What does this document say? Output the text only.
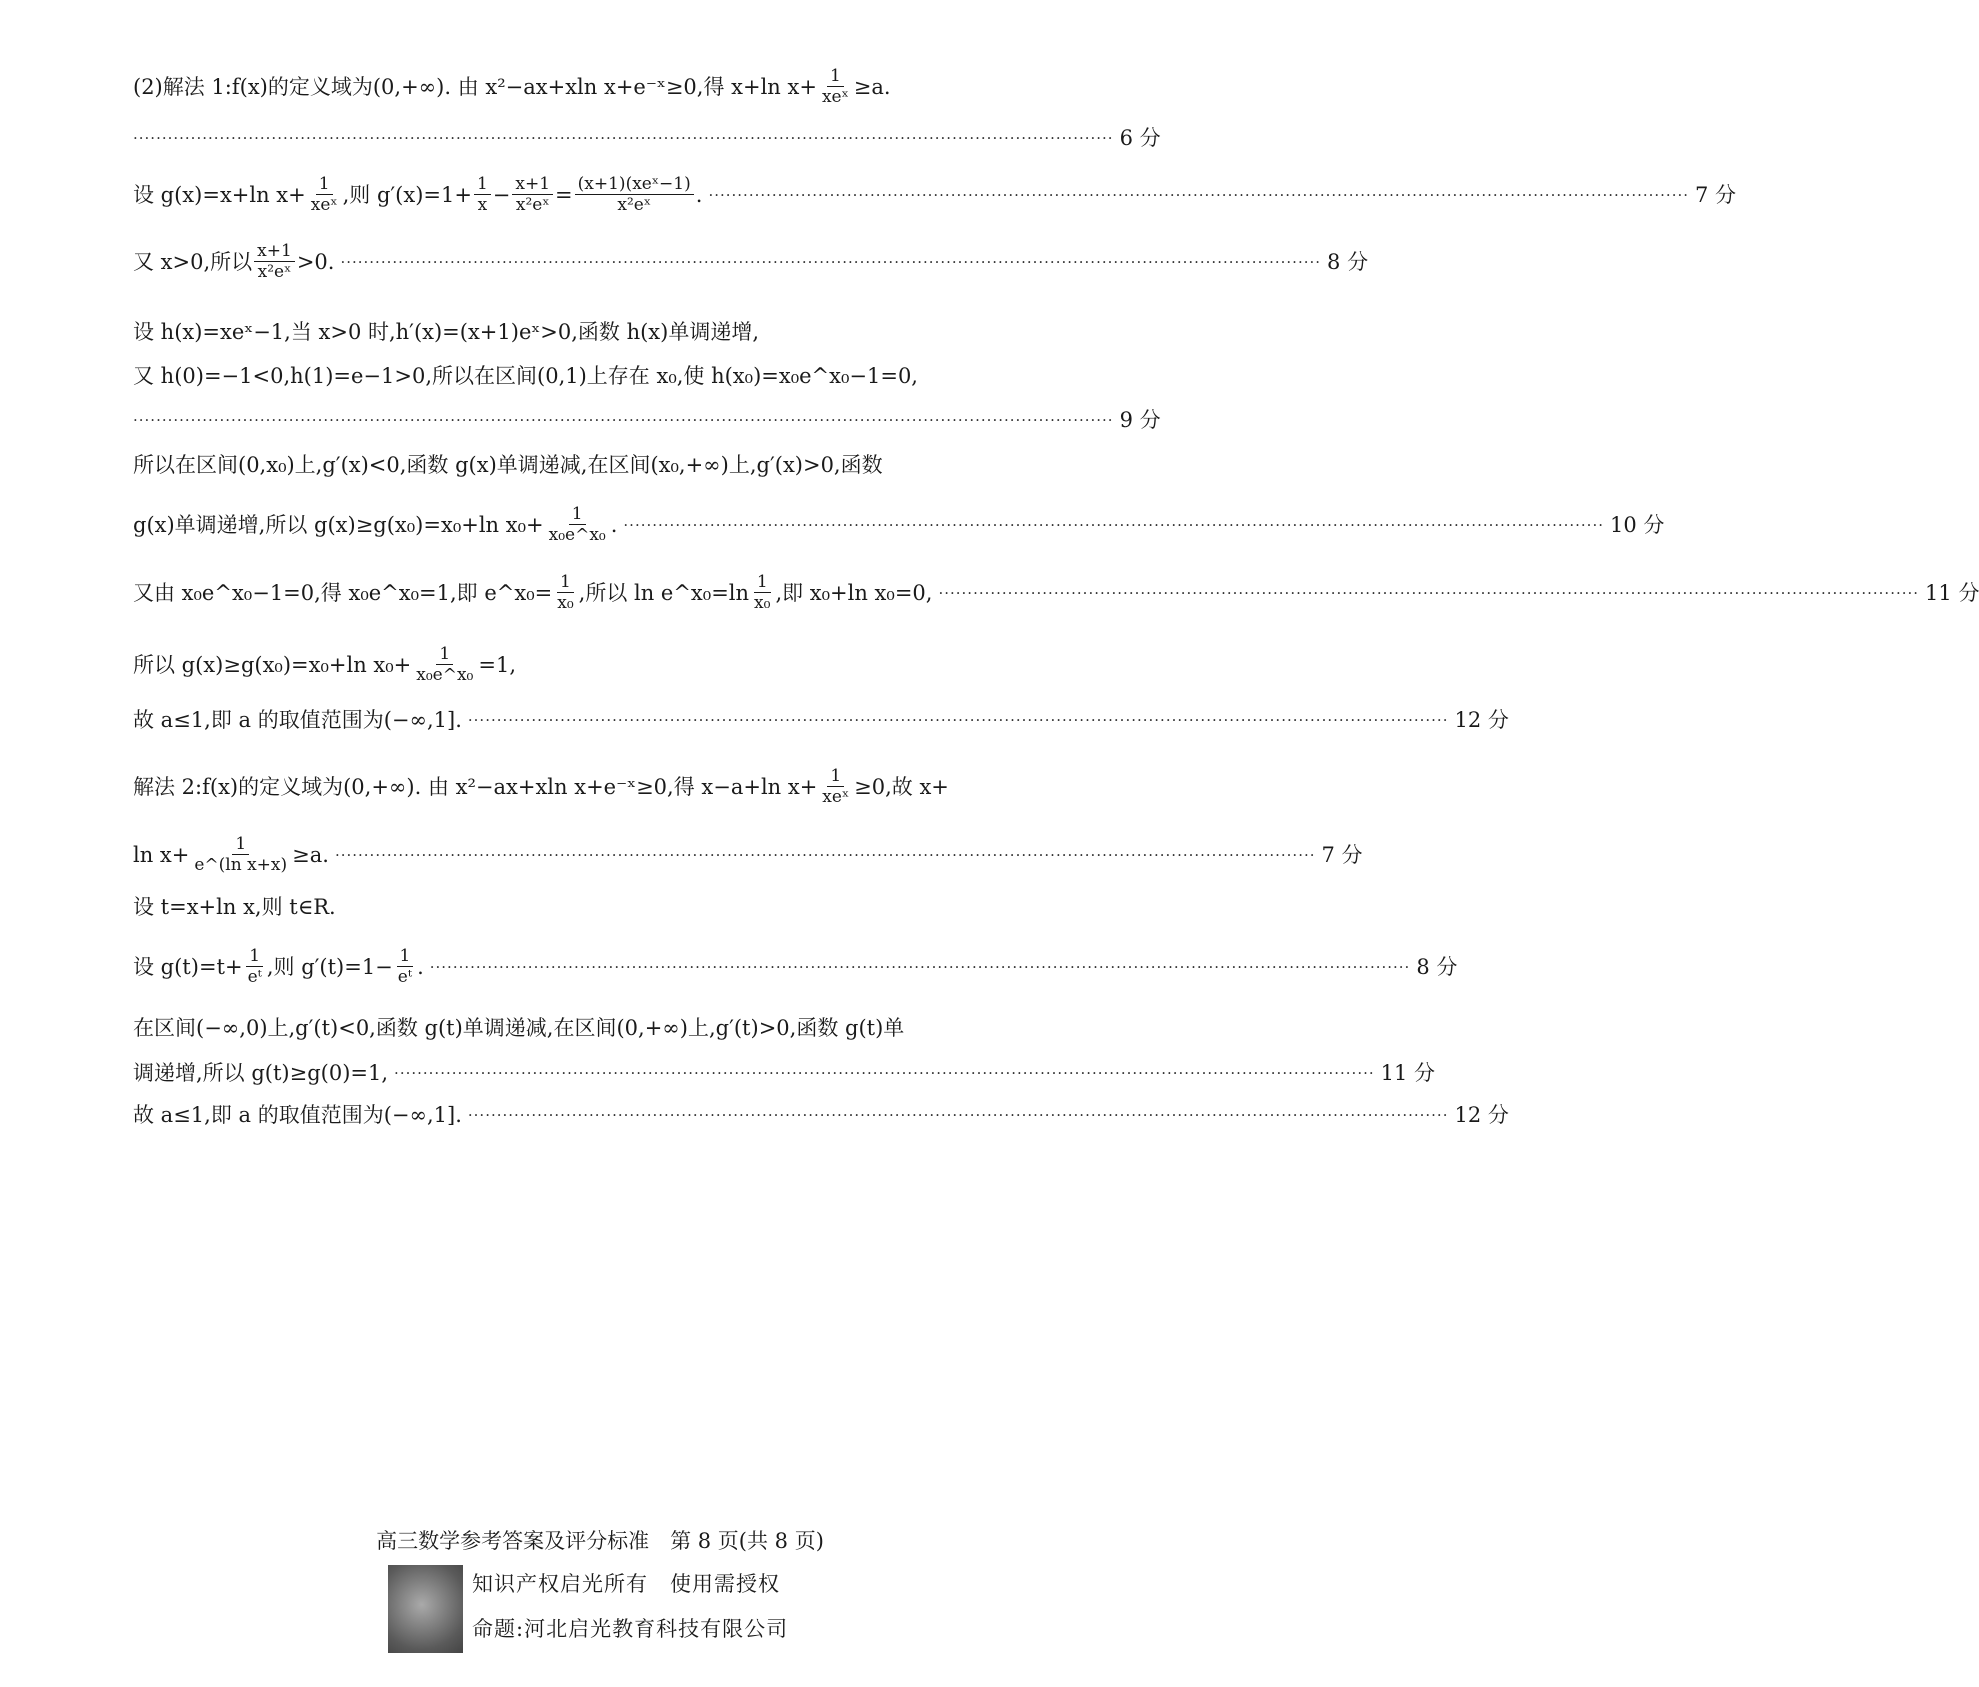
(2)解法 1:f(x)的定义域为(0,+∞). 由 x²−ax+xln x+e⁻ˣ≥0,得 x+ln $x+ \frac{1}{\text{xeˣ}} \ge a$.
·········································································································································································· 6 分
设 g(x)=x+ln $x+ \frac{1}{\text{xeˣ}}$ ,则 $g'(x)=1+ \frac{1}{x} - \frac{x+1}{\text{x²eˣ}} = \frac{\text{(x+1)(xeˣ−1)}}{\text{x²eˣ}}$ . ·········································································································································································· 7 分
又 x>0,所以 $\frac{x+1}{\text{x²eˣ}} >0$. ·········································································································································································· 8 分
设 h(x)=xeˣ−1,当 x>0 时,h′(x)=(x+1)eˣ>0,函数 h(x)单调递增,
又 h(0)=−1<0,h(1)=e−1>0,所以在区间(0,1)上存在 x₀,使 h(x₀)=x₀e^x₀−1=0,
·········································································································································································· 9 分
所以在区间(0,x₀)上,g′(x)<0,函数 g(x)单调递减,在区间(x₀,+∞)上,g′(x)>0,函数
g(x)单调递增,所以 g(x)≥g(x₀)=x₀+ln $x_0+ \frac{1}{\text{x₀e\textasciicircum{}x₀}}$ . ·········································································································································································· 10 分
又由 x₀e^x₀−1=0,得 x₀e^x₀=1,即 e^x₀= $\frac{1}{\text{x₀}}$ ,所以 ln e^x₀=ln $\frac{1}{\text{x₀}}$ ,即 x₀+ln x₀=0, ·········································································································································································· 11 分
所以 g(x)≥g(x₀)=x₀+ln $x_0+ \frac{1}{\text{x₀e\textasciicircum{}x₀}} =1$,
故 a≤1,即 a 的取值范围为(−∞,1]. ·········································································································································································· 12 分
解法 2:f(x)的定义域为(0,+∞). 由 x²−ax+xln x+e⁻ˣ≥0,得 x−a+ln $x+ \frac{1}{\text{xeˣ}} \ge 0$,故 x+
$\ln x+ \frac{1}{\text{e\textasciicircum{}(ln x+x)}} \ge a$. ·········································································································································································· 7 分
设 t=x+ln x,则 t∈R.
设 $g(t)=t+ \frac{1}{\text{eᵗ}}$ ,则 $g'(t)=1- \frac{1}{\text{eᵗ}}$ . ·········································································································································································· 8 分
在区间(−∞,0)上,g′(t)<0,函数 g(t)单调递减,在区间(0,+∞)上,g′(t)>0,函数 g(t)单
调递增,所以 g(t)≥g(0)=1, ·········································································································································································· 11 分
故 a≤1,即 a 的取值范围为(−∞,1]. ·········································································································································································· 12 分
高三数学参考答案及评分标准　第 8 页(共 8 页)
知识产权启光所有　使用需授权
命题:河北启光教育科技有限公司
